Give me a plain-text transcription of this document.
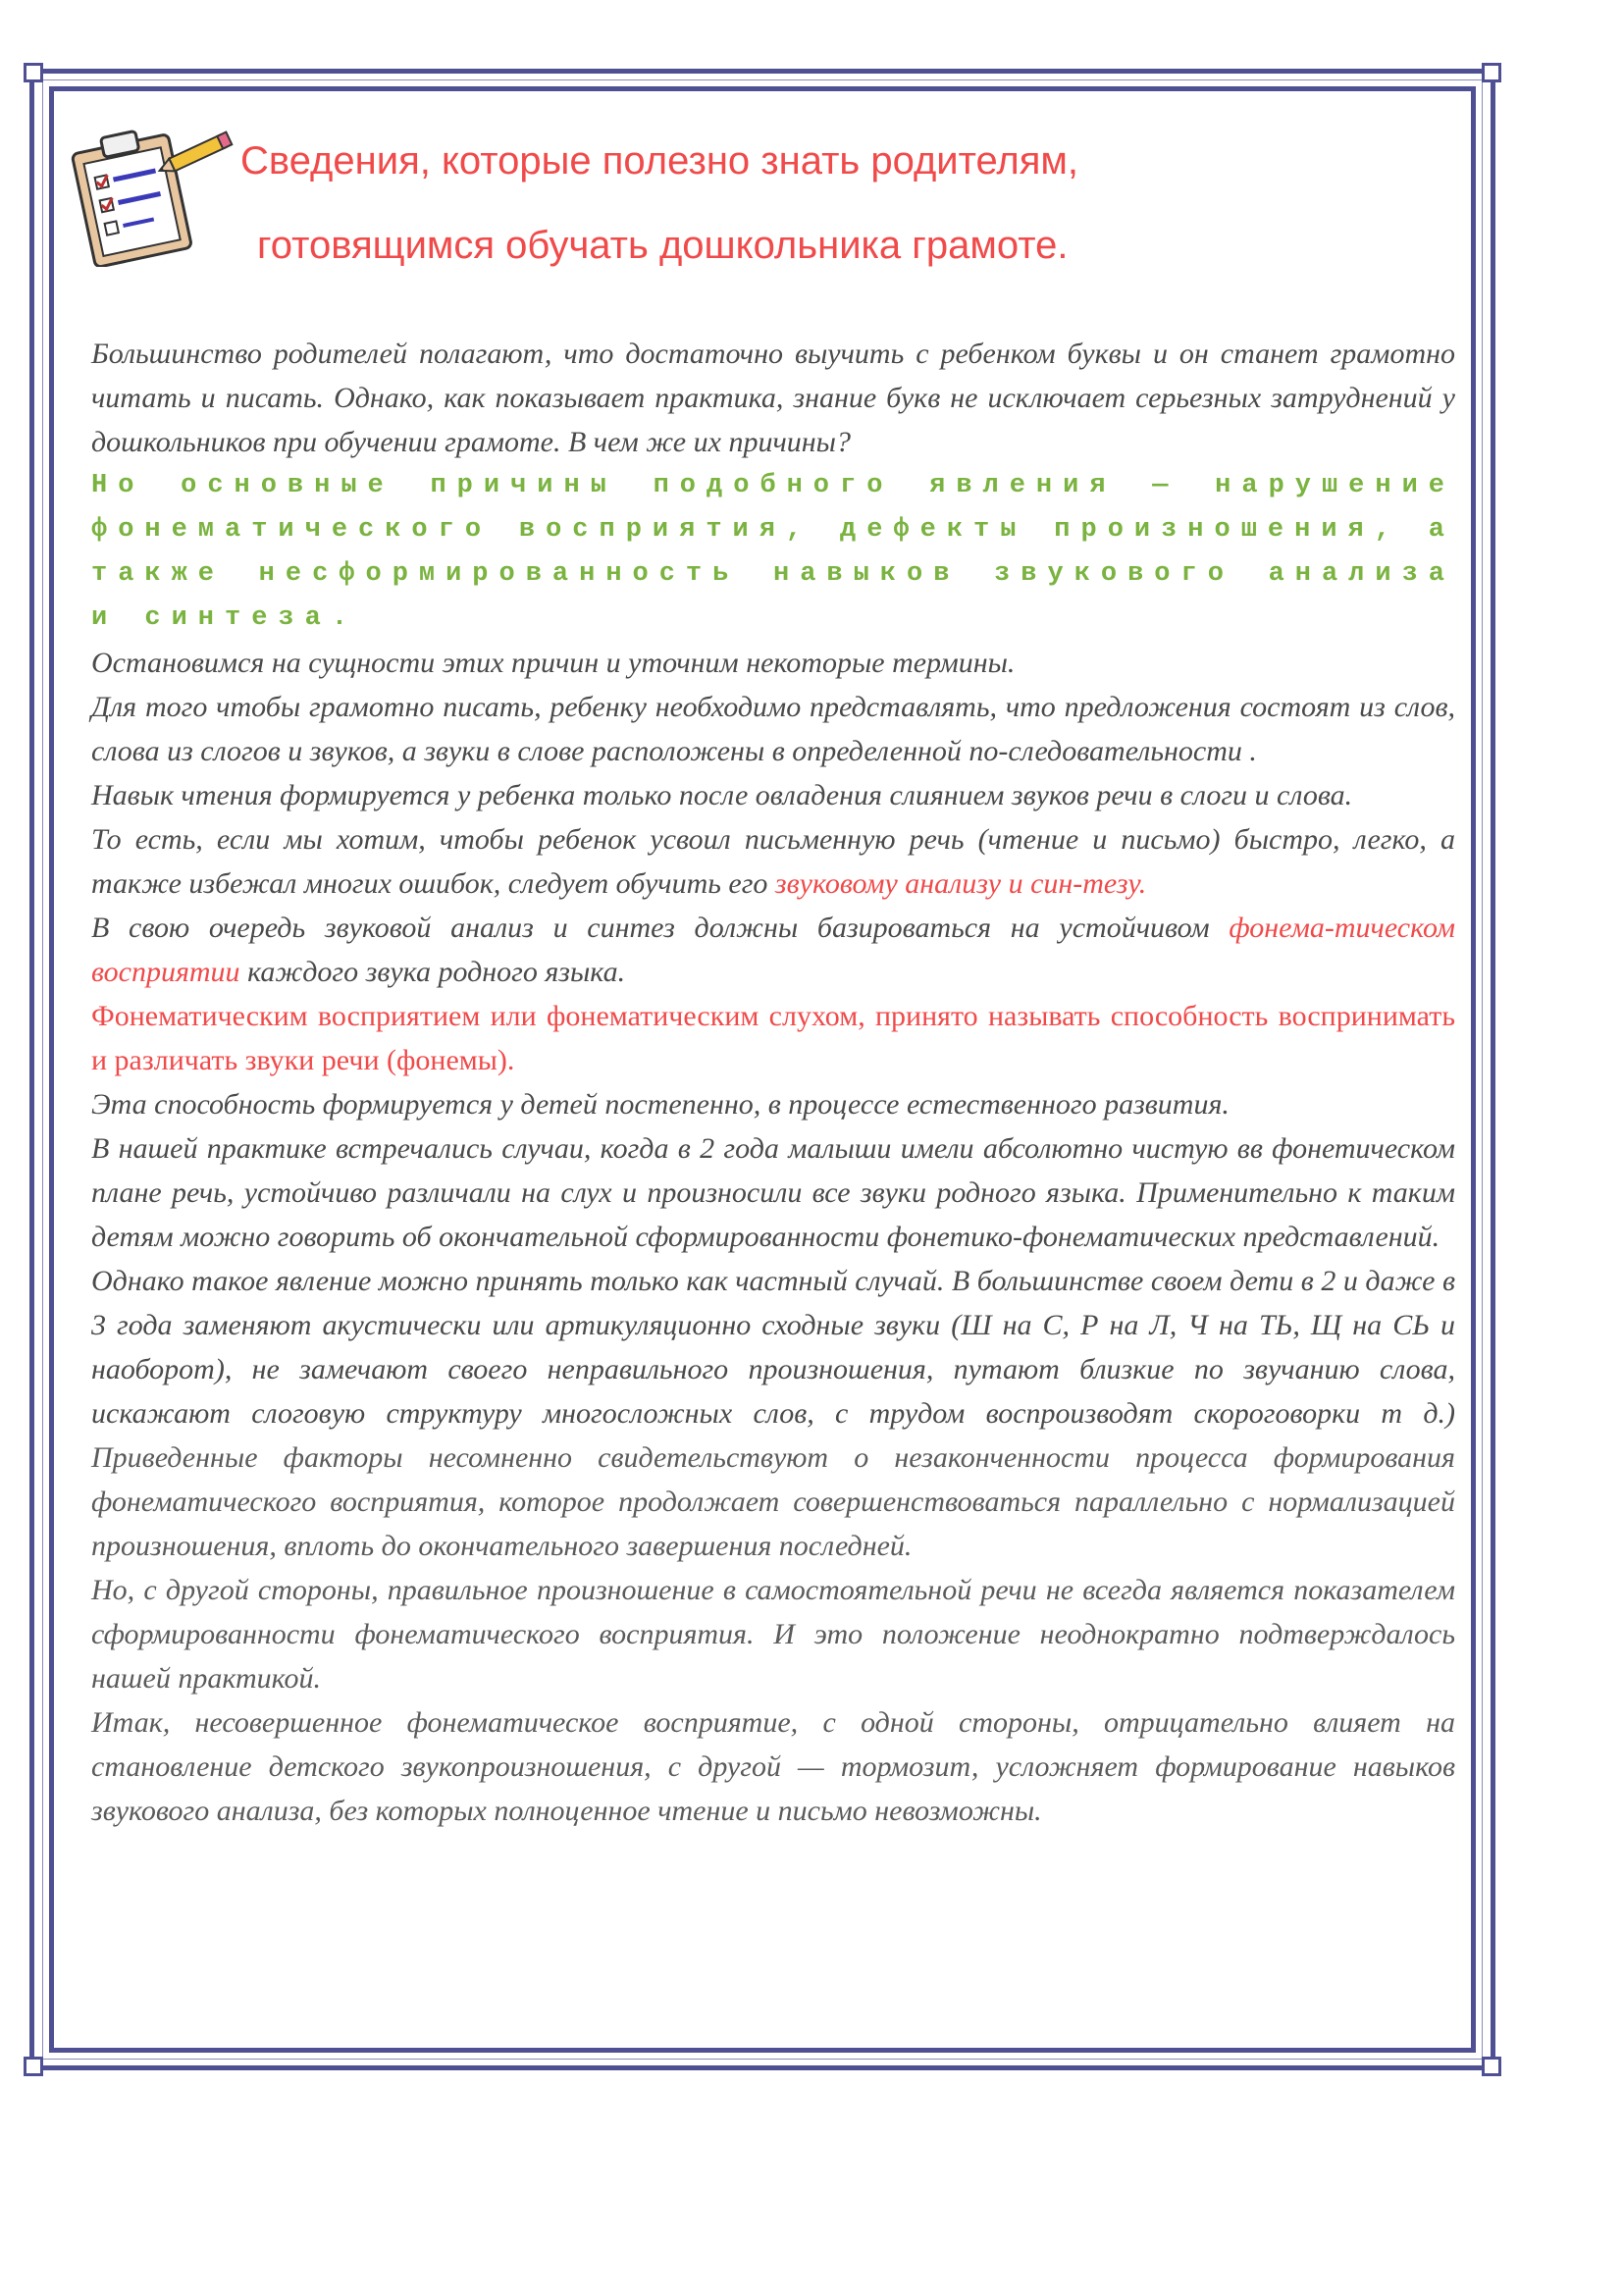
Сведения, которые полезно знать родителям,
готовящимся обучать дошкольника грамоте.

Большинство родителей полагают, что достаточно выучить с ребенком буквы и он станет грамотно читать и писать. Однако, как показывает практика, знание букв не исключает серьезных затруднений у дошкольников при обучении грамоте. В чем же их причины?

Но основные причины подобного явления — нарушение фонематического восприятия, дефекты произношения, а также несформированность навыков звукового анализа и синтеза.

Остановимся на сущности этих причин и уточним некоторые термины.

Для того чтобы грамотно писать, ребенку необходимо представлять, что предложения состоят из слов, слова из слогов и звуков, а звуки в слове расположены в определенной по-следовательности .

Навык чтения формируется у ребенка только после овладения слиянием звуков речи в слоги и слова.

То есть, если мы хотим, чтобы ребенок усвоил письменную речь (чтение и письмо) быстро, легко, а также избежал многих ошибок, следует обучить его звуковому анализу и син-тезу.

В свою очередь звуковой анализ и синтез должны базироваться на устойчивом фонема-тическом восприятии каждого звука родного языка.

Фонематическим восприятием или фонематическим слухом, принято называть способность воспринимать и различать звуки речи (фонемы).

Эта способность формируется у детей постепенно, в процессе естественного развития.

В нашей практике встречались случаи, когда в 2 года малыши имели абсолютно чистую вв фонетическом плане речь, устойчиво различали на слух и произносили все звуки родного языка. Применительно к таким детям можно говорить об окончательной сформированности фонетико-фонематических представлений.

Однако такое явление можно принять только как частный случай. В большинстве своем дети в 2 и даже в 3 года заменяют акустически или артикуляционно сходные звуки (Ш на С, Р на Л, Ч на ТЬ, Щ на СЬ и наоборот), не замечают своего неправильного произношения, путают близкие по звучанию слова, искажают слоговую структуру многосложных слов, с трудом воспроизводят скороговорки т д.) Приведенные факторы несомненно свидетельствуют о незаконченности процесса формирования фонематического восприятия, которое продолжает совершенствоваться параллельно с нормализацией произношения, вплоть до окончательного завершения последней.

Но, с другой стороны, правильное произношение в самостоятельной речи не всегда является показателем сформированности фонематического восприятия. И это положение неоднократно подтверждалось нашей практикой.

Итак, несовершенное фонематическое восприятие, с одной стороны, отрицательно влияет на становление детского звукопроизношения, с другой — тормозит, усложняет формирование навыков звукового анализа, без которых полноценное чтение и письмо невозможны.
